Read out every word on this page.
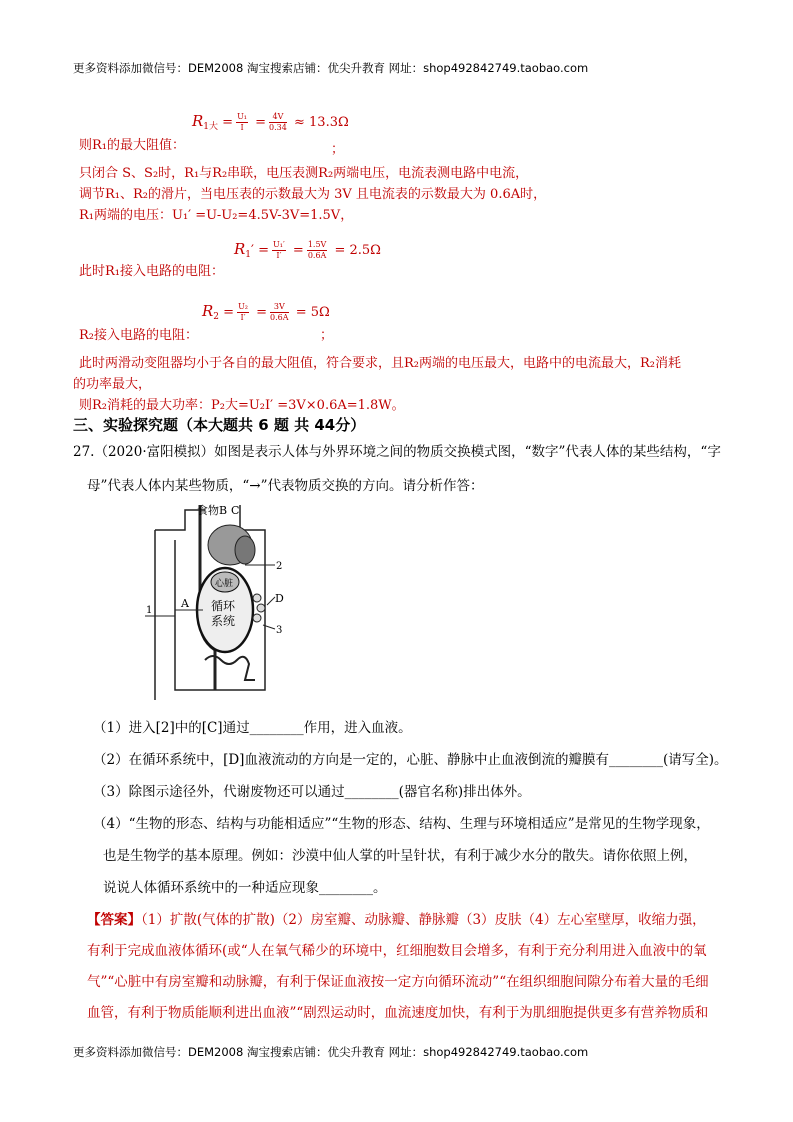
更多资料添加微信号：DEM2008 淘宝搜索店铺：优尖升教育 网址：shop492842749.taobao.com
$R_{1大} = \frac{\text{U₁}}{I} = \frac{4V}{0.34} \approx 13.3\Omega$
；
则R₁的最大阻值：
只闭合 S、S₂时，R₁与R₂串联，电压表测R₂两端电压，电流表测电路中电流，
调节R₁、R₂的滑片，当电压表的示数最大为 3V 且电流表的示数最大为 0.6A时，
R₁两端的电压：U₁′ =U-U₂=4.5V-3V=1.5V，
$R_1' = \frac{\text{U₁′}}{I'} = \frac{1.5V}{0.6A} = 2.5\Omega$
此时R₁接入电路的电阻：
$R_2 = \frac{\text{U₂}}{I'} = \frac{3V}{0.6A} = 5\Omega$
R₂接入电路的电阻：	；
此时两滑动变阻器均小于各自的最大阻值，符合要求，且R₂两端的电压最大，电路中的电流最大，R₂消耗
的功率最大，
则R₂消耗的最大功率：P₂大=U₂I′ =3V×0.6A=1.8W。
三、实验探究题（本大题共 6 题 共 44分）
27.（2020·富阳模拟）如图是表示人体与外界环境之间的物质交换模式图，“数字”代表人体的某些结构，“字
母”代表人体内某些物质，“→”代表物质交换的方向。请分析作答：
食物 B C
2
D
3
1
A
心脏
循环
系统
（1）进入[2]中的[C]通过________作用，进入血液。
（2）在循环系统中，[D]血液流动的方向是一定的，心脏、静脉中止血液倒流的瓣膜有________(请写全)。
（3）除图示途径外，代谢废物还可以通过________(器官名称)排出体外。
（4）“生物的形态、结构与功能相适应”“生物的形态、结构、生理与环境相适应”是常见的生物学现象，
也是生物学的基本原理。例如：沙漠中仙人掌的叶呈针状，有利于减少水分的散失。请你依照上例，
说说人体循环系统中的一种适应现象________。
【答案】（1）扩散(气体的扩散)（2）房室瓣、动脉瓣、静脉瓣（3）皮肤（4）左心室壁厚，收缩力强，
有利于完成血液体循环(或“人在氧气稀少的环境中，红细胞数目会增多，有利于充分利用进入血液中的氧
气”“心脏中有房室瓣和动脉瓣，有利于保证血液按一定方向循环流动”“在组织细胞间隙分布着大量的毛细
血管，有利于物质能顺利进出血液”“剧烈运动时，血流速度加快，有利于为肌细胞提供更多有营养物质和
更多资料添加微信号：DEM2008 淘宝搜索店铺：优尖升教育 网址：shop492842749.taobao.com
